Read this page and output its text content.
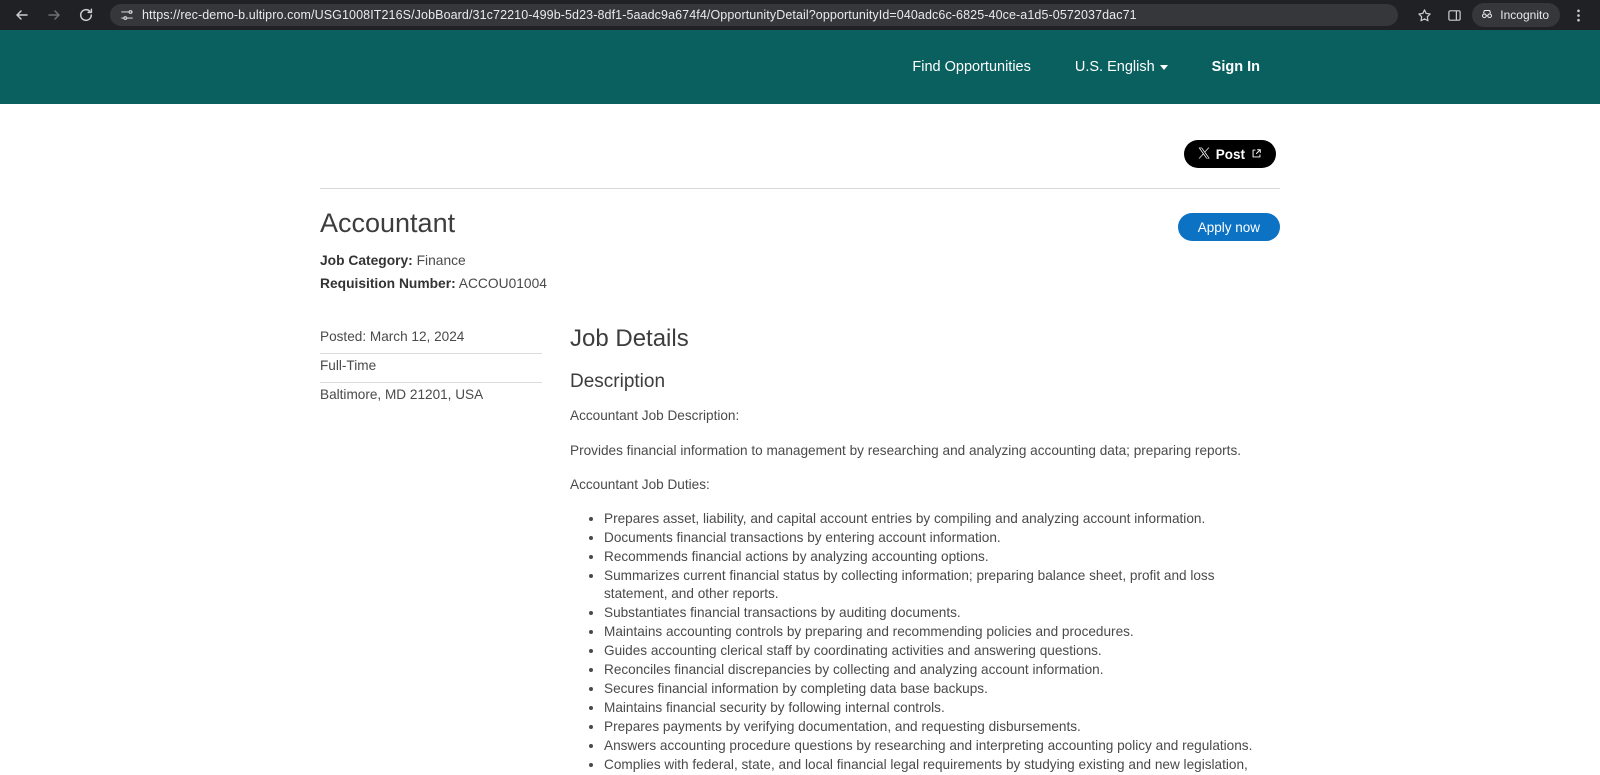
https://rec-demo-b.ultipro.com/USG1008IT216S/JobBoard/31c72210-499b-5d23-8df1-5aadc9a674f4/OpportunityDetail?opportunityId=040adc6c-6825-40ce-a1d5-0572037dac71	Incognito
Find Opportunities	U.S. English	Sign In
Post
Accountant
Job Category: Finance
Requisition Number: ACCOU01004
Apply now
Posted: March 12, 2024
Full-Time
Baltimore, MD 21201, USA
Job Details
Description

Accountant Job Description:

Provides financial information to management by researching and analyzing accounting data; preparing reports.

Accountant Job Duties:

• Prepares asset, liability, and capital account entries by compiling and analyzing account information.
• Documents financial transactions by entering account information.
• Recommends financial actions by analyzing accounting options.
• Summarizes current financial status by collecting information; preparing balance sheet, profit and loss statement, and other reports.
• Substantiates financial transactions by auditing documents.
• Maintains accounting controls by preparing and recommending policies and procedures.
• Guides accounting clerical staff by coordinating activities and answering questions.
• Reconciles financial discrepancies by collecting and analyzing account information.
• Secures financial information by completing data base backups.
• Maintains financial security by following internal controls.
• Prepares payments by verifying documentation, and requesting disbursements.
• Answers accounting procedure questions by researching and interpreting accounting policy and regulations.
• Complies with federal, state, and local financial legal requirements by studying existing and new legislation,
